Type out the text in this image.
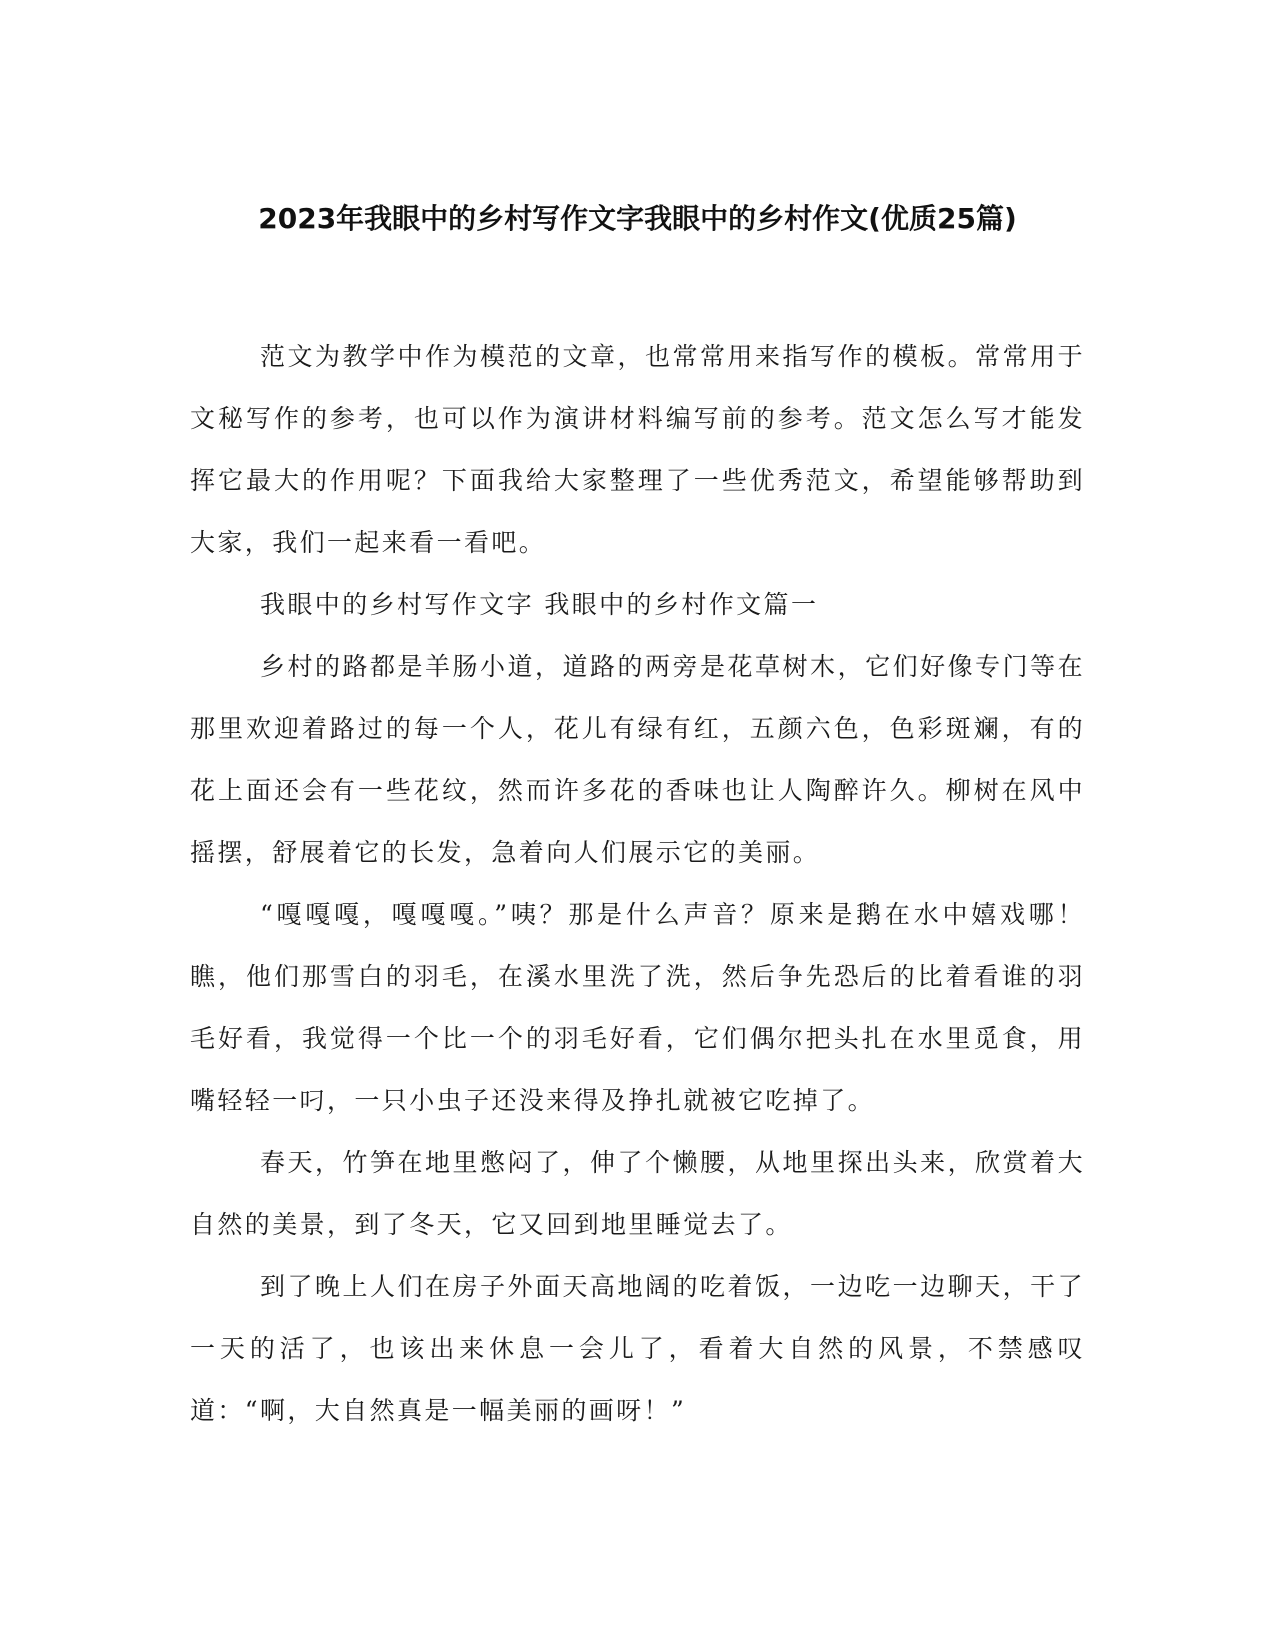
2023年我眼中的乡村写作文字我眼中的乡村作文(优质25篇)

范文为教学中作为模范的文章，也常常用来指写作的模板。常常用于文秘写作的参考，也可以作为演讲材料编写前的参考。范文怎么写才能发挥它最大的作用呢？下面我给大家整理了一些优秀范文，希望能够帮助到大家，我们一起来看一看吧。

我眼中的乡村写作文字 我眼中的乡村作文篇一

乡村的路都是羊肠小道，道路的两旁是花草树木，它们好像专门等在那里欢迎着路过的每一个人，花儿有绿有红，五颜六色，色彩斑斓，有的花上面还会有一些花纹，然而许多花的香味也让人陶醉许久。柳树在风中摇摆，舒展着它的长发，急着向人们展示它的美丽。

“嘎嘎嘎，嘎嘎嘎。”咦？那是什么声音？原来是鹅在水中嬉戏哪！瞧，他们那雪白的羽毛，在溪水里洗了洗，然后争先恐后的比着看谁的羽毛好看，我觉得一个比一个的羽毛好看，它们偶尔把头扎在水里觅食，用嘴轻轻一叼，一只小虫子还没来得及挣扎就被它吃掉了。

春天，竹笋在地里憋闷了，伸了个懒腰，从地里探出头来，欣赏着大自然的美景，到了冬天，它又回到地里睡觉去了。

到了晚上人们在房子外面天高地阔的吃着饭，一边吃一边聊天，干了一天的活了，也该出来休息一会儿了，看着大自然的风景，不禁感叹道：“啊，大自然真是一幅美丽的画呀！”
